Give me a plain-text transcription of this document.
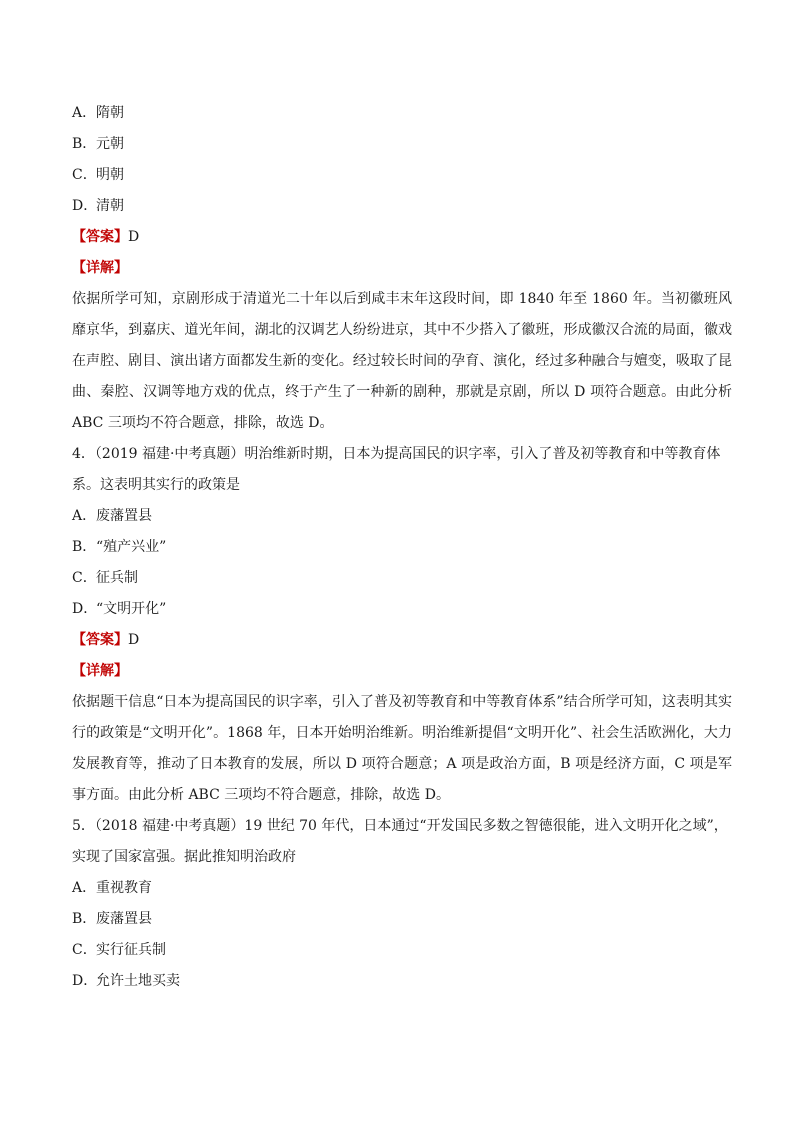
A．隋朝
B．元朝
C．明朝
D．清朝
【答案】D
【详解】
依据所学可知，京剧形成于清道光二十年以后到咸丰末年这段时间，即 1840 年至 1860 年。当初徽班风靡京华，到嘉庆、道光年间，湖北的汉调艺人纷纷进京，其中不少搭入了徽班，形成徽汉合流的局面，徽戏在声腔、剧目、演出诸方面都发生新的变化。经过较长时间的孕育、演化，经过多种融合与嬗变，吸取了昆曲、秦腔、汉调等地方戏的优点，终于产生了一种新的剧种，那就是京剧，所以 D 项符合题意。由此分析 ABC 三项均不符合题意，排除，故选 D。
4．（2019 福建·中考真题）明治维新时期，日本为提高国民的识字率，引入了普及初等教育和中等教育体系。这表明其实行的政策是
A．废藩置县
B．“殖产兴业”
C．征兵制
D．“文明开化”
【答案】D
【详解】
依据题干信息“日本为提高国民的识字率，引入了普及初等教育和中等教育体系”结合所学可知，这表明其实行的政策是“文明开化”。1868 年，日本开始明治维新。明治维新提倡“文明开化”、社会生活欧洲化，大力发展教育等，推动了日本教育的发展，所以 D 项符合题意；A 项是政治方面，B 项是经济方面，C 项是军事方面。由此分析 ABC 三项均不符合题意，排除，故选 D。
5．（2018 福建·中考真题）19 世纪 70 年代，日本通过“开发国民多数之智德很能，进入文明开化之域”，实现了国家富强。据此推知明治政府
A．重视教育
B．废藩置县
C．实行征兵制
D．允许土地买卖
